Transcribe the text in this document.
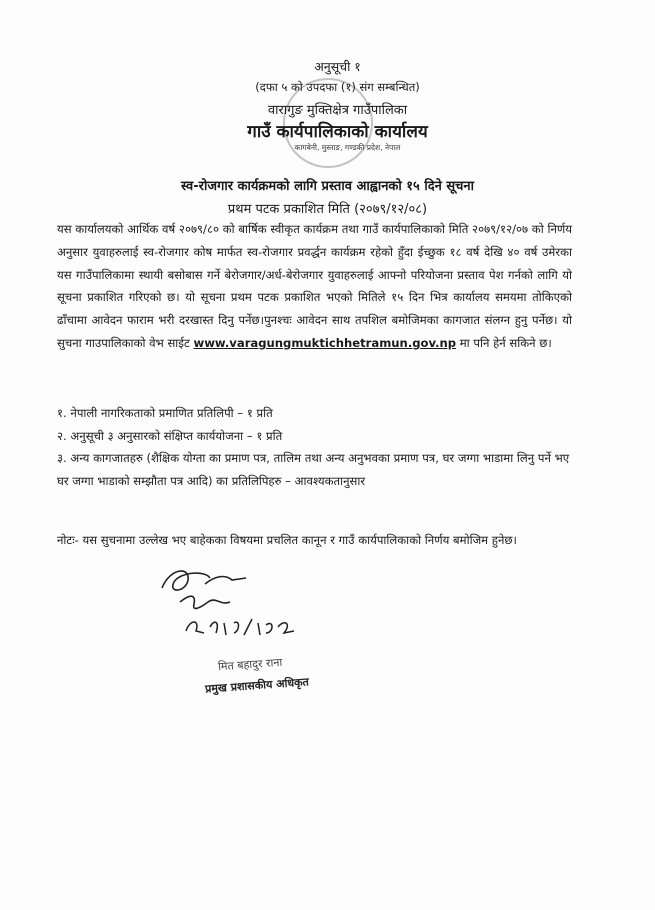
अनुसूची १
(दफा ५ को उपदफा (१) संग सम्बन्धित)
वारागुङ मुक्तिक्षेत्र गाउँपालिका
गाउँ कार्यपालिकाको कार्यालय
कागबेनी, मुस्ताङ, गण्डकी प्रदेश, नेपाल
स्व-रोजगार कार्यक्रमको लागि प्रस्ताव आह्वानको १५ दिने सूचना
प्रथम पटक प्रकाशित मिति (२०७९/१२/०८)

यस कार्यालयको आर्थिक वर्ष २०७९/८० को बार्षिक स्वीकृत कार्यक्रम तथा गाउँ कार्यपालिकाको मिति २०७९/१२/०७ को निर्णय अनुसार युवाहरुलाई स्व-रोजगार कोष मार्फत स्व-रोजगार प्रवर्द्धन कार्यक्रम रहेको हुँदा ईच्छुक १८ वर्ष देखि ४० वर्ष उमेरका यस गाउँपालिकामा स्थायी बसोबास गर्ने बेरोजगार/अर्ध-बेरोजगार युवाहरुलाई आफ्नो परियोजना प्रस्ताव पेश गर्नको लागि यो सूचना प्रकाशित गरिएको छ। यो सूचना प्रथम पटक प्रकाशित भएको मितिले १५ दिन भित्र कार्यालय समयमा तोकिएको ढाँचामा आवेदन फाराम भरी दरखास्त दिनु पर्नेछ।पुनश्चः आवेदन साथ तपशिल बमोजिमका कागजात संलग्न हुनु पर्नेछ। यो सुचना गाउपालिकाको वेभ साईट www.varagungmuktichhetramun.gov.np मा पनि हेर्न सकिने छ।

१. नेपाली नागरिकताको प्रमाणित प्रतिलिपी – १ प्रति
२. अनुसूची ३ अनुसारको संक्षिप्त कार्ययोजना – १ प्रति
३. अन्य कागजातहरु (शैक्षिक योग्ता का प्रमाण पत्र, तालिम तथा अन्य अनुभवका प्रमाण पत्र, घर जग्गा भाडामा लिनु पर्ने भए घर जग्गा भाडाको सम्झौता पत्र आदि) का प्रतिलिपिहरु – आवश्यकतानुसार
नोटः- यस सुचनामा उल्लेख भए बाहेकका विषयमा प्रचलित कानून र गाउँ कार्यपालिकाको निर्णय बमोजिम हुनेछ।
मित बहादुर राना
प्रमुख प्रशासकीय अधिकृत
